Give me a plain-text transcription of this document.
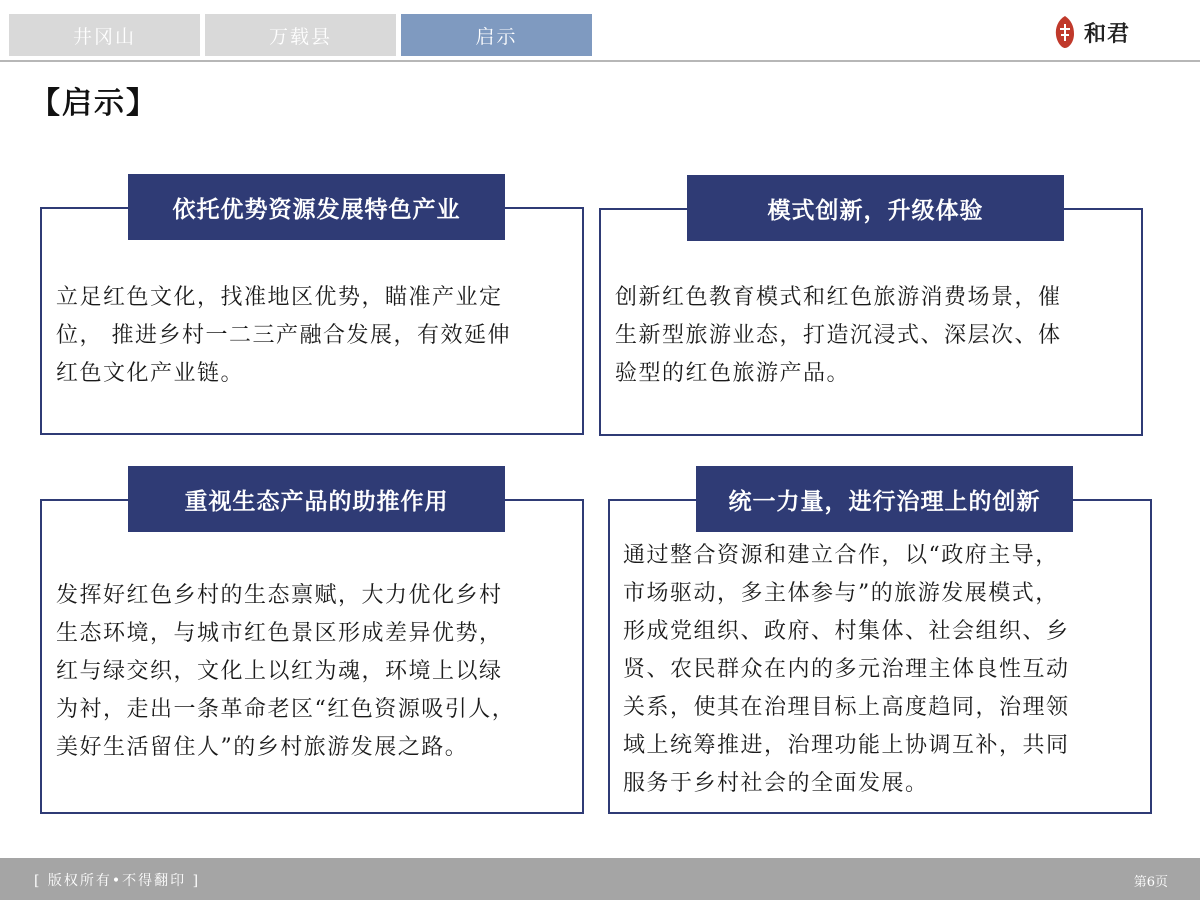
井冈山	万载县	启示	和君
【启示】
依托优势资源发展特色产业
立足红色文化，找准地区优势，瞄准产业定
位， 推进乡村一二三产融合发展，有效延伸
红色文化产业链。
模式创新，升级体验
创新红色教育模式和红色旅游消费场景，催
生新型旅游业态，打造沉浸式、深层次、体
验型的红色旅游产品。
重视生态产品的助推作用
发挥好红色乡村的生态禀赋，大力优化乡村
生态环境，与城市红色景区形成差异优势，
红与绿交织，文化上以红为魂，环境上以绿
为衬，走出一条革命老区“红色资源吸引人，
美好生活留住人”的乡村旅游发展之路。
统一力量，进行治理上的创新
通过整合资源和建立合作，以“政府主导，
市场驱动，多主体参与”的旅游发展模式，
形成党组织、政府、村集体、社会组织、乡
贤、农民群众在内的多元治理主体良性互动
关系，使其在治理目标上高度趋同，治理领
域上统筹推进，治理功能上协调互补，共同
服务于乡村社会的全面发展。
[ 版权所有•不得翻印 ]	第6页
